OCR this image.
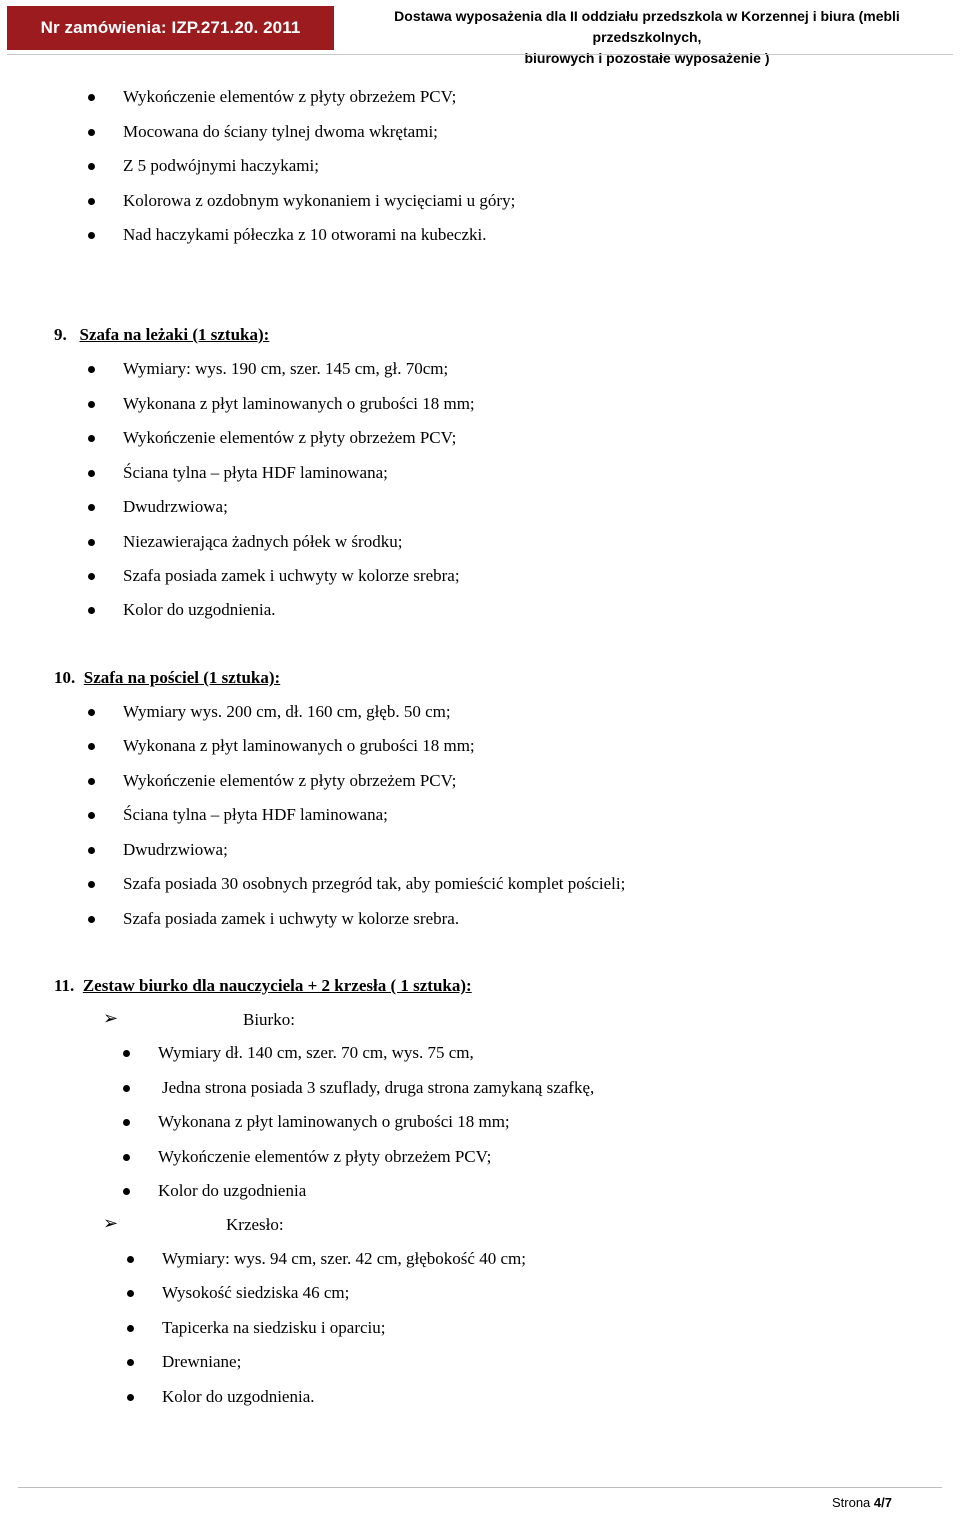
Nr zamówienia: IZP.271.20. 2011
Dostawa wyposażenia dla II oddziału przedszkola w Korzennej i biura (mebli przedszkolnych,
biurowych i pozostałe wyposażenie )
Wykończenie elementów z płyty obrzeżem PCV;
Mocowana do ściany tylnej dwoma wkrętami;
Z 5 podwójnymi haczykami;
Kolorowa z ozdobnym wykonaniem i wycięciami u góry;
Nad haczykami półeczka z 10 otworami na kubeczki.
9. Szafa na leżaki (1 sztuka):
Wymiary: wys. 190 cm, szer. 145 cm, gł. 70cm;
Wykonana z płyt laminowanych o grubości 18 mm;
Wykończenie elementów z płyty obrzeżem PCV;
Ściana tylna – płyta HDF laminowana;
Dwudrzwiowa;
Niezawierająca żadnych półek w środku;
Szafa posiada zamek i uchwyty w kolorze srebra;
Kolor do uzgodnienia.
10. Szafa na pościel (1 sztuka):
Wymiary wys. 200 cm, dł. 160 cm, głęb. 50 cm;
Wykonana z płyt laminowanych o grubości 18 mm;
Wykończenie elementów z płyty obrzeżem PCV;
Ściana tylna – płyta HDF laminowana;
Dwudrzwiowa;
Szafa posiada 30 osobnych przegród tak, aby pomieścić komplet pościeli;
Szafa posiada zamek i uchwyty w kolorze srebra.
11. Zestaw biurko dla nauczyciela + 2 krzesła ( 1 sztuka):
➢	Biurko:
Wymiary dł. 140 cm, szer. 70 cm, wys. 75 cm,
Jedna strona posiada 3 szuflady, druga strona zamykaną szafkę,
Wykonana z płyt laminowanych o grubości 18 mm;
Wykończenie elementów z płyty obrzeżem PCV;
Kolor do uzgodnienia
➢	Krzesło:
Wymiary: wys. 94 cm, szer. 42 cm, głębokość 40 cm;
Wysokość siedziska 46 cm;
Tapicerka na siedzisku i oparciu;
Drewniane;
Kolor do uzgodnienia.
Strona 4/7
